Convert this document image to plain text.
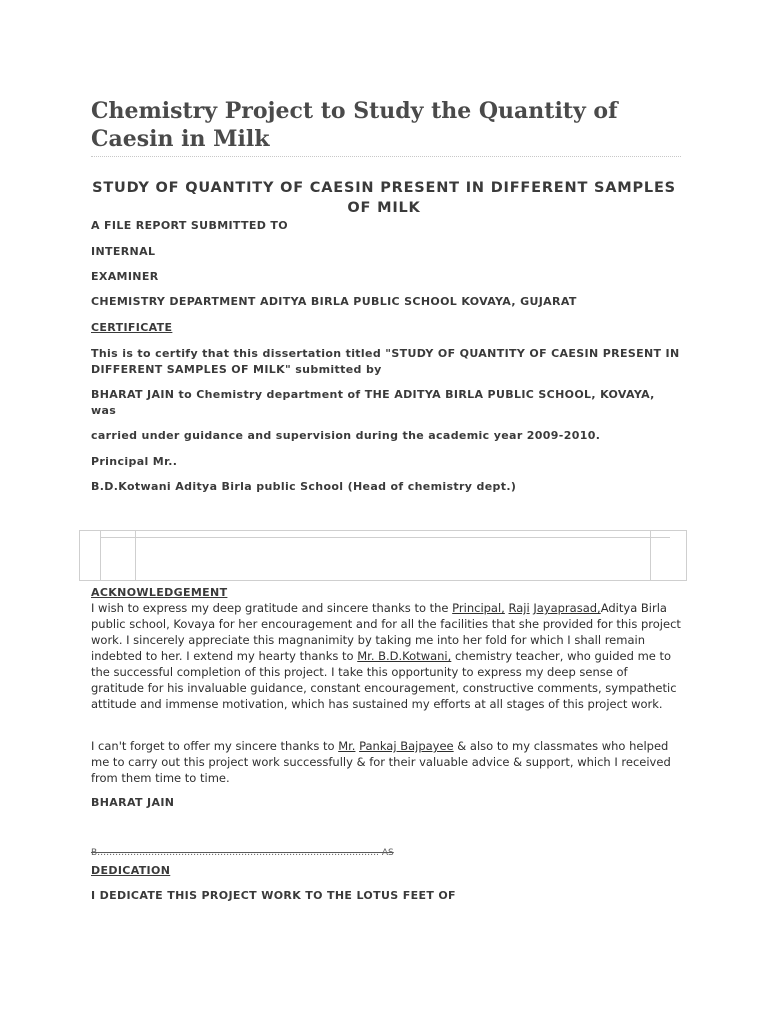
Chemistry Project to Study the Quantity of Caesin in Milk
STUDY OF QUANTITY OF CAESIN PRESENT IN DIFFERENT SAMPLES OF MILK

A FILE REPORT SUBMITTED TO

INTERNAL

EXAMINER

CHEMISTRY DEPARTMENT ADITYA BIRLA PUBLIC SCHOOL KOVAYA, GUJARAT

CERTIFICATE

This is to certify that this dissertation titled "STUDY OF QUANTITY OF CAESIN PRESENT IN DIFFERENT SAMPLES OF MILK" submitted by

BHARAT JAIN to Chemistry department of THE ADITYA BIRLA PUBLIC SCHOOL, KOVAYA, was

carried under guidance and supervision during the academic year 2009-2010.

Principal Mr..

B.D.Kotwani Aditya Birla public School (Head of chemistry dept.)

ACKNOWLEDGEMENT

I wish to express my deep gratitude and sincere thanks to the Principal, Raji Jayaprasad,Aditya Birla public school, Kovaya for her encouragement and for all the facilities that she provided for this project work. I sincerely appreciate this magnanimity by taking me into her fold for which I shall remain indebted to her. I extend my hearty thanks to Mr. B.D.Kotwani, chemistry teacher, who guided me to the successful completion of this project. I take this opportunity to express my deep sense of gratitude for his invaluable guidance, constant encouragement, constructive comments, sympathetic attitude and immense motivation, which has sustained my efforts at all stages of this project work.

I can't forget to offer my sincere thanks to Mr. Pankaj Bajpayee & also to my classmates who helped me to carry out this project work successfully & for their valuable advice & support, which I received from them time to time.

BHARAT JAIN

B…………………………………………………………………………………. AS

DEDICATION

I DEDICATE THIS PROJECT WORK TO THE LOTUS FEET OF
